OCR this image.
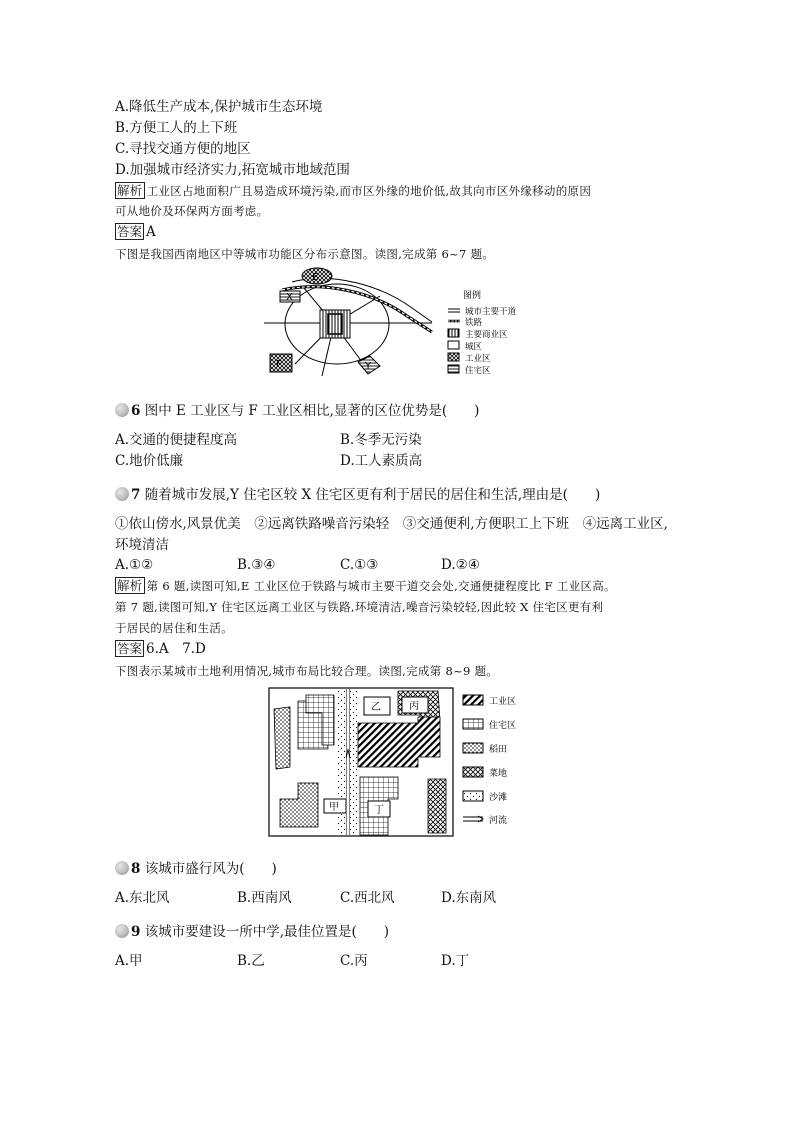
A.降低生产成本,保护城市生态环境
B.方便工人的上下班
C.寻找交通方便的地区
D.加强城市经济实力,拓宽城市地域范围
解析 工业区占地面积广且易造成环境污染,而市区外缘的地价低,故其向市区外缘移动的原因
可从地价及环保两方面考虑。
答案 A
下图是我国西南地区中等城市功能区分布示意图。读图,完成第 6~7 题。
E
X
F	Y
图例
城市主要干道
铁路
主要商业区
城区
工业区
住宅区
6 图中 E 工业区与 F 工业区相比,显著的区位优势是(　　)
A.交通的便捷程度高	B.冬季无污染
C.地价低廉	D.工人素质高
7 随着城市发展,Y 住宅区较 X 住宅区更有利于居民的居住和生活,理由是(　　)
①依山傍水,风景优美　②远离铁路噪音污染轻　③交通便利,方便职工上下班　④远离工业区,
环境清洁
A.①②	B.③④	C.①③	D.②④
解析 第 6 题,读图可知,E 工业区位于铁路与城市主要干道交会处,交通便捷程度比 F 工业区高。
第 7 题,读图可知,Y 住宅区远离工业区与铁路,环境清洁,噪音污染较轻,因此较 X 住宅区更有利
于居民的居住和生活。
答案 6.A　7.D
下图表示某城市土地利用情况,城市布局比较合理。读图,完成第 8~9 题。
甲
乙	丙
丁
工业区
住宅区
稻田
菜地
沙滩
河流
8 该城市盛行风为(　　)
A.东北风	B.西南风	C.西北风	D.东南风
9 该城市要建设一所中学,最佳位置是(　　)
A.甲	B.乙	C.丙	D.丁
